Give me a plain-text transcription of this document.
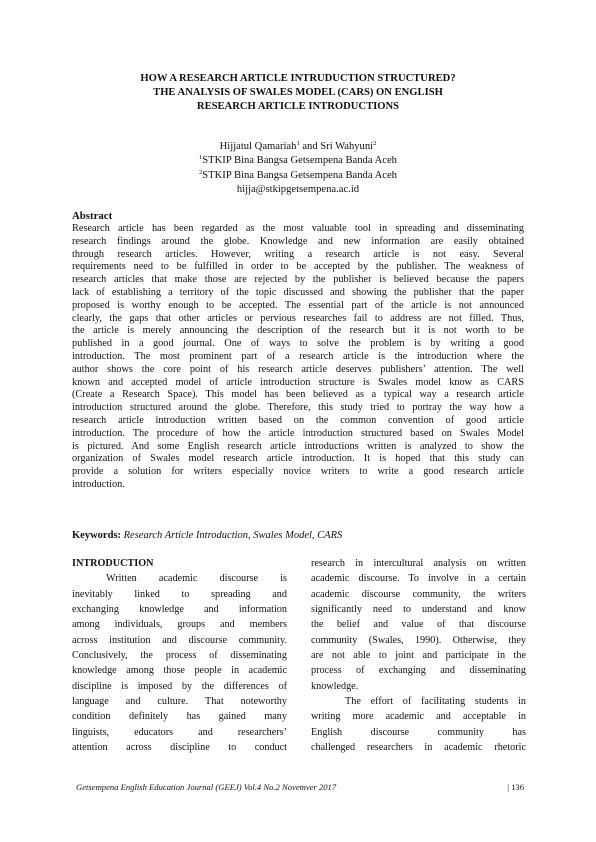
HOW A RESEARCH ARTICLE INTRUDUCTION STRUCTURED?
THE ANALYSIS OF SWALES MODEL (CARS) ON ENGLISH
RESEARCH ARTICLE INTRODUCTIONS
Hijjatul Qamariah$^1$ and Sri Wahyuni$^2$
$^1$STKIP Bina Bangsa Getsempena Banda Aceh
$^2$STKIP Bina Bangsa Getsempena Banda Aceh
hijja@stkipgetsempena.ac.id
Abstract
Research article has been regarded as the most valuable tool in spreading and disseminating
research findings around the globe. Knowledge and new information are easily obtained
through research articles. However, writing a research article is not easy. Several
requirements need to be fulfilled in order to be accepted by the publisher. The weakness of
research articles that make those are rejected by the publisher is believed because the papers
lack of establishing a territory of the topic discussed and showing the publisher that the paper
proposed is worthy enough to be accepted. The essential part of the article is not announced
clearly, the gaps that other articles or pervious researches fail to address are not filled. Thus,
the article is merely announcing the description of the research but it is not worth to be
published in a good journal. One of ways to solve the problem is by writing a good
introduction. The most prominent part of a research article is the introduction where the
author shows the core point of his research article deserves publishers’ attention. The well
known and accepted model of article introduction structure is Swales model know as CARS
(Create a Research Space). This model has been believed as a typical way a research article
introduction structured around the globe. Therefore, this study tried to portray the way how a
research article introduction written based on the common convention of good article
introduction. The procedure of how the article introduction structured based on Swales Model
is pictured. And some English research article introductions written is analyzed to show the
organization of Swales model research article introduction. It is hoped that this study can
provide a solution for writers especially novice writers to write a good research article
introduction.
Keywords: Research Article Introduction, Swales Model, CARS
INTRODUCTION
Written academic discourse is
inevitably linked to spreading and
exchanging knowledge and information
among individuals, groups and members
across institution and discourse community.
Conclusively, the process of disseminating
knowledge among those people in academic
discipline is imposed by the differences of
language and culture. That noteworthy
condition definitely has gained many
linguists, educators and researchers’
attention across discipline to conduct
research in intercultural analysis on written
academic discourse. To involve in a certain
academic discourse community, the writers
significantly need to understand and know
the belief and value of that discourse
community (Swales, 1990). Otherwise, they
are not able to joint and participate in the
process of exchanging and disseminating
knowledge.
The effort of facilitating students in
writing more academic and acceptable in
English discourse community has
challenged researchers in academic rhetoric
Getsempena English Education Journal (GEEJ) Vol.4 No.2 Novemver 2017	| 136
